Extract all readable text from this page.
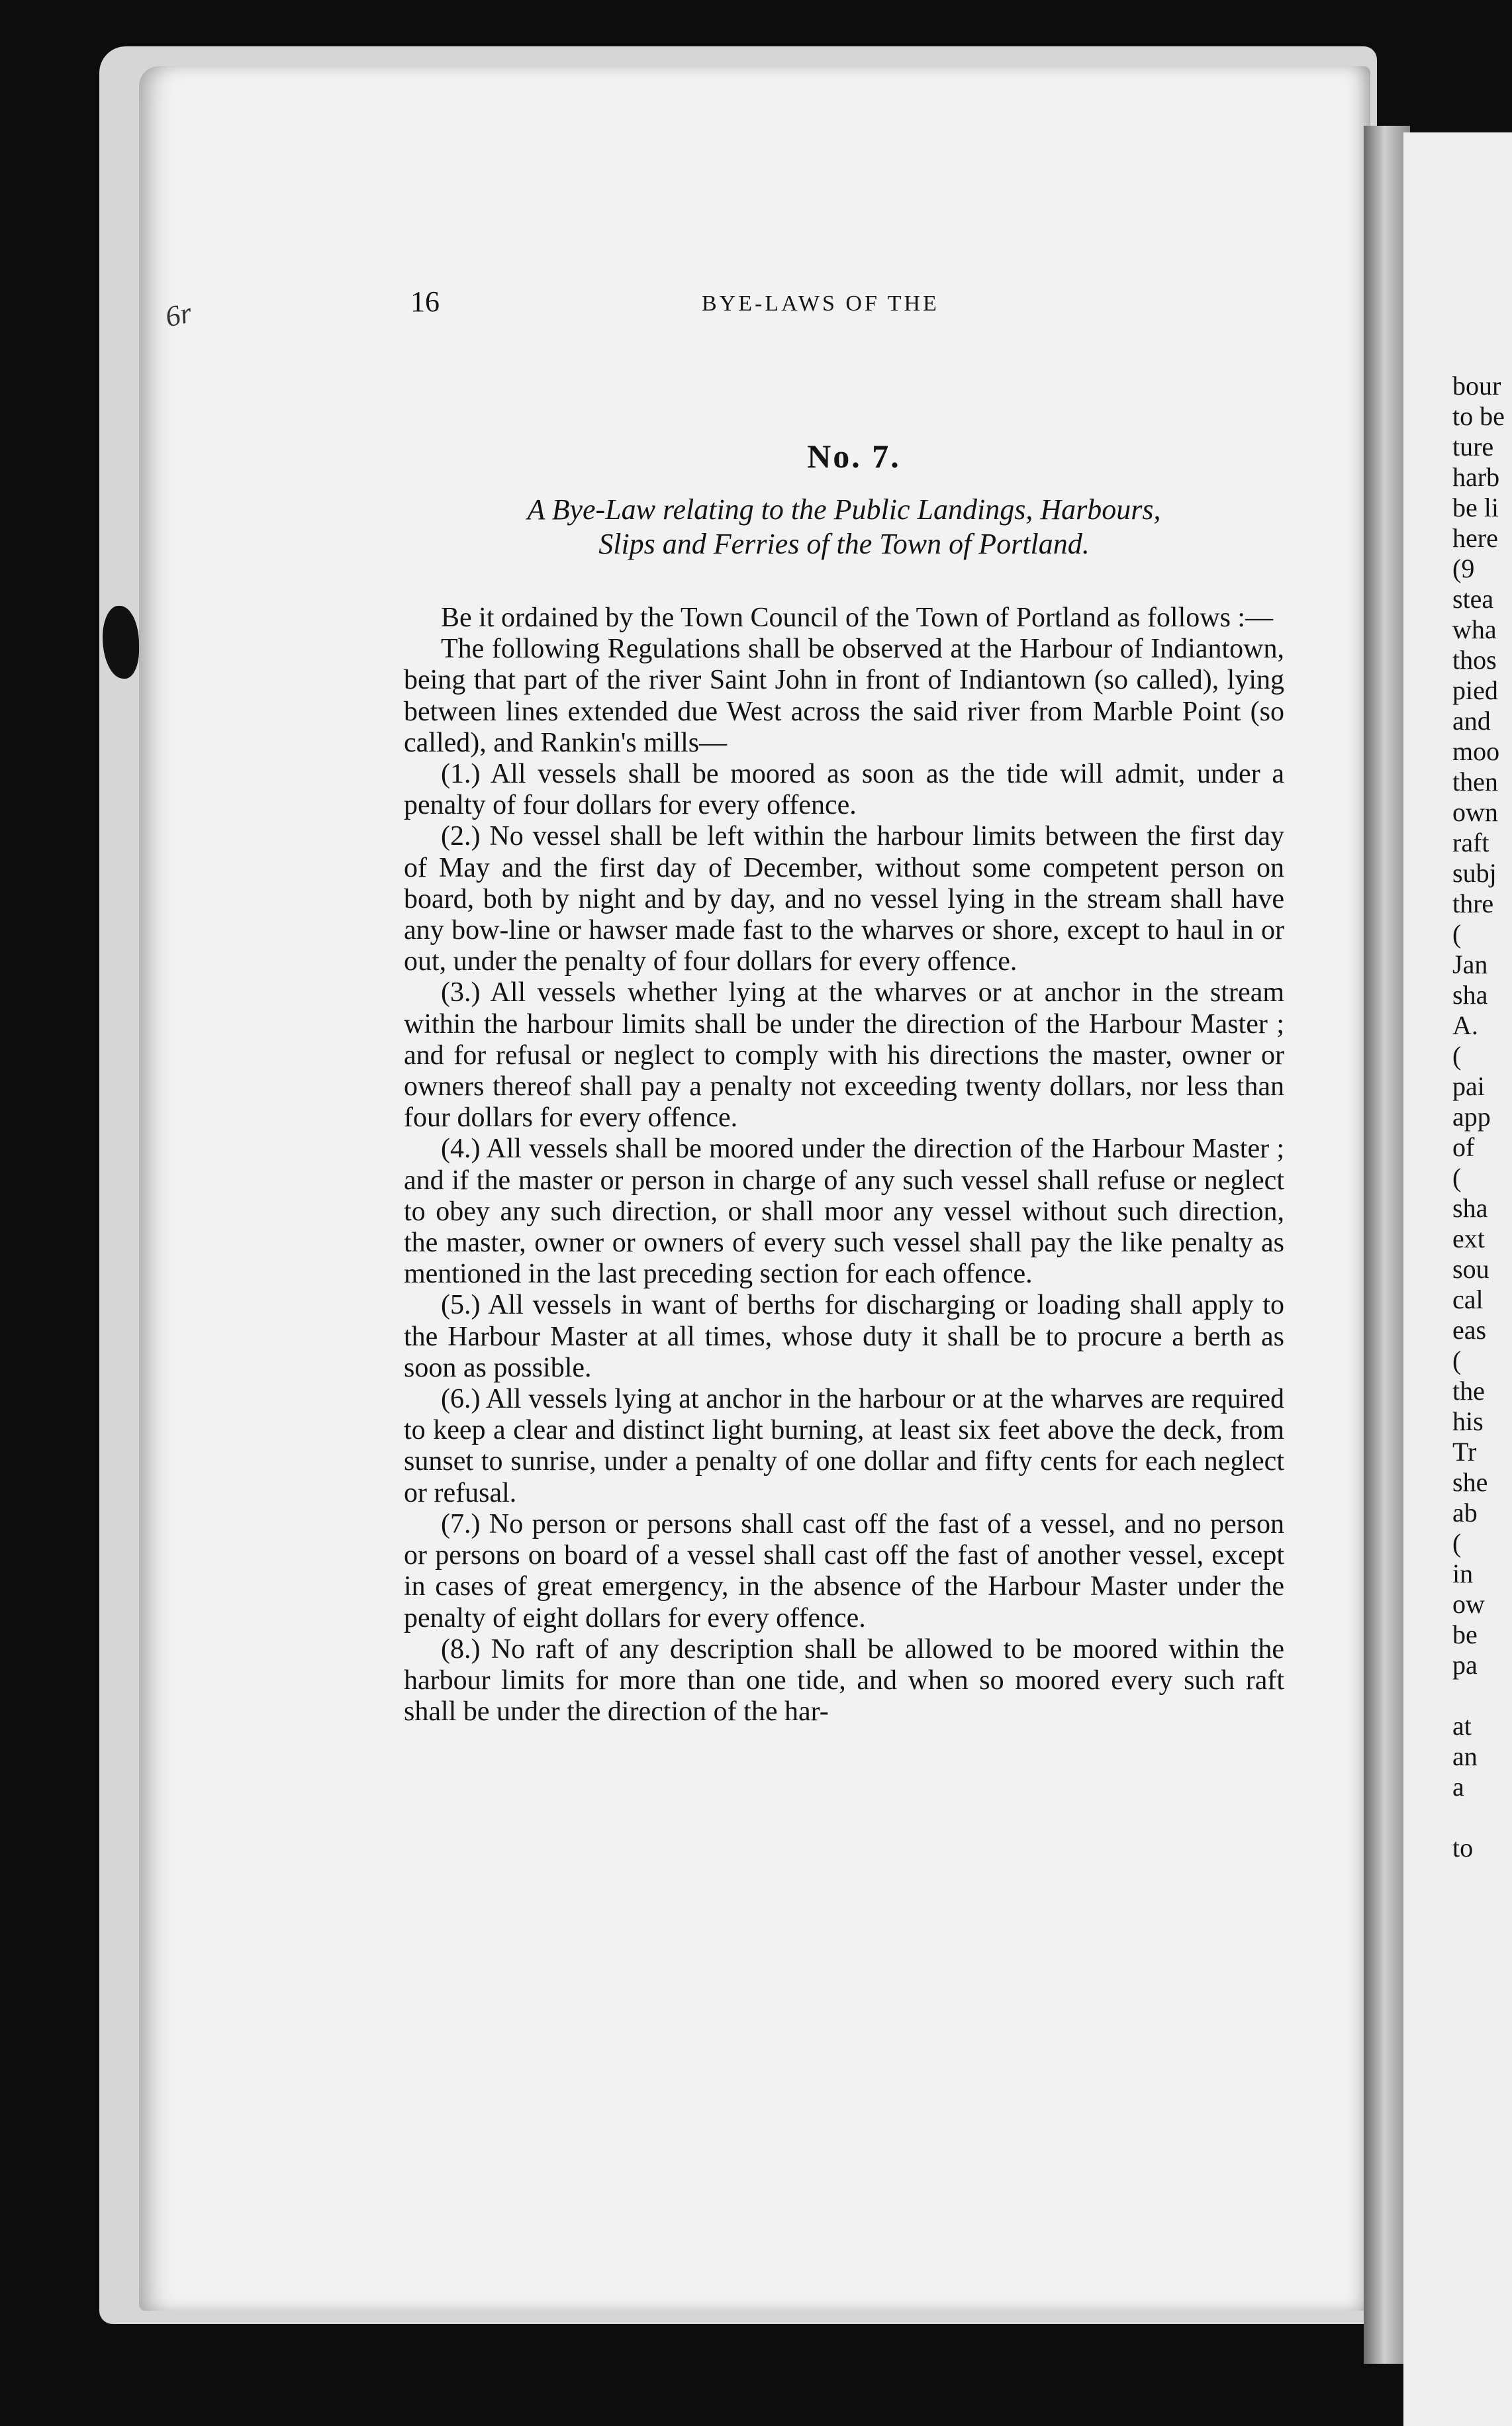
6r	16	BYE-LAWS OF THE
No. 7.
A Bye-Law relating to the Public Landings, Harbours,
Slips and Ferries of the Town of Portland.

Be it ordained by the Town Council of the Town of Portland as follows :—

The following Regulations shall be observed at the Harbour of Indiantown, being that part of the river Saint John in front of Indiantown (so called), lying between lines extended due West across the said river from Marble Point (so called), and Rankin's mills—

(1.) All vessels shall be moored as soon as the tide will admit, under a penalty of four dollars for every offence.

(2.) No vessel shall be left within the harbour limits between the first day of May and the first day of December, without some competent person on board, both by night and by day, and no vessel lying in the stream shall have any bow-line or hawser made fast to the wharves or shore, except to haul in or out, under the penalty of four dollars for every offence.

(3.) All vessels whether lying at the wharves or at anchor in the stream within the harbour limits shall be under the direction of the Harbour Master ; and for refusal or neglect to comply with his directions the master, owner or owners thereof shall pay a penalty not exceeding twenty dollars, nor less than four dollars for every offence.

(4.) All vessels shall be moored under the direction of the Harbour Master ; and if the master or person in charge of any such vessel shall refuse or neglect to obey any such direction, or shall moor any vessel without such direction, the master, owner or owners of every such vessel shall pay the like penalty as mentioned in the last preceding section for each offence.

(5.) All vessels in want of berths for discharging or loading shall apply to the Harbour Master at all times, whose duty it shall be to procure a berth as soon as possible.

(6.) All vessels lying at anchor in the harbour or at the wharves are required to keep a clear and distinct light burning, at least six feet above the deck, from sunset to sunrise, under a penalty of one dollar and fifty cents for each neglect or refusal.

(7.) No person or persons shall cast off the fast of a vessel, and no person or persons on board of a vessel shall cast off the fast of another vessel, except in cases of great emergency, in the absence of the Harbour Master under the penalty of eight dollars for every offence.

(8.) No raft of any description shall be allowed to be moored within the harbour limits for more than one tide, and when so moored every such raft shall be under the direction of the har-

bour
to be
ture
harb
be li
here
(9
stea
wha
thos
pied
and
moo
then
own
raft
subj
thre
(
Jan
sha
A.
(
pai
app
of
(
sha
ext
sou
cal
eas
(
the
his
Tr
she
ab
(
in
ow
be
pa
at
an
a
to
